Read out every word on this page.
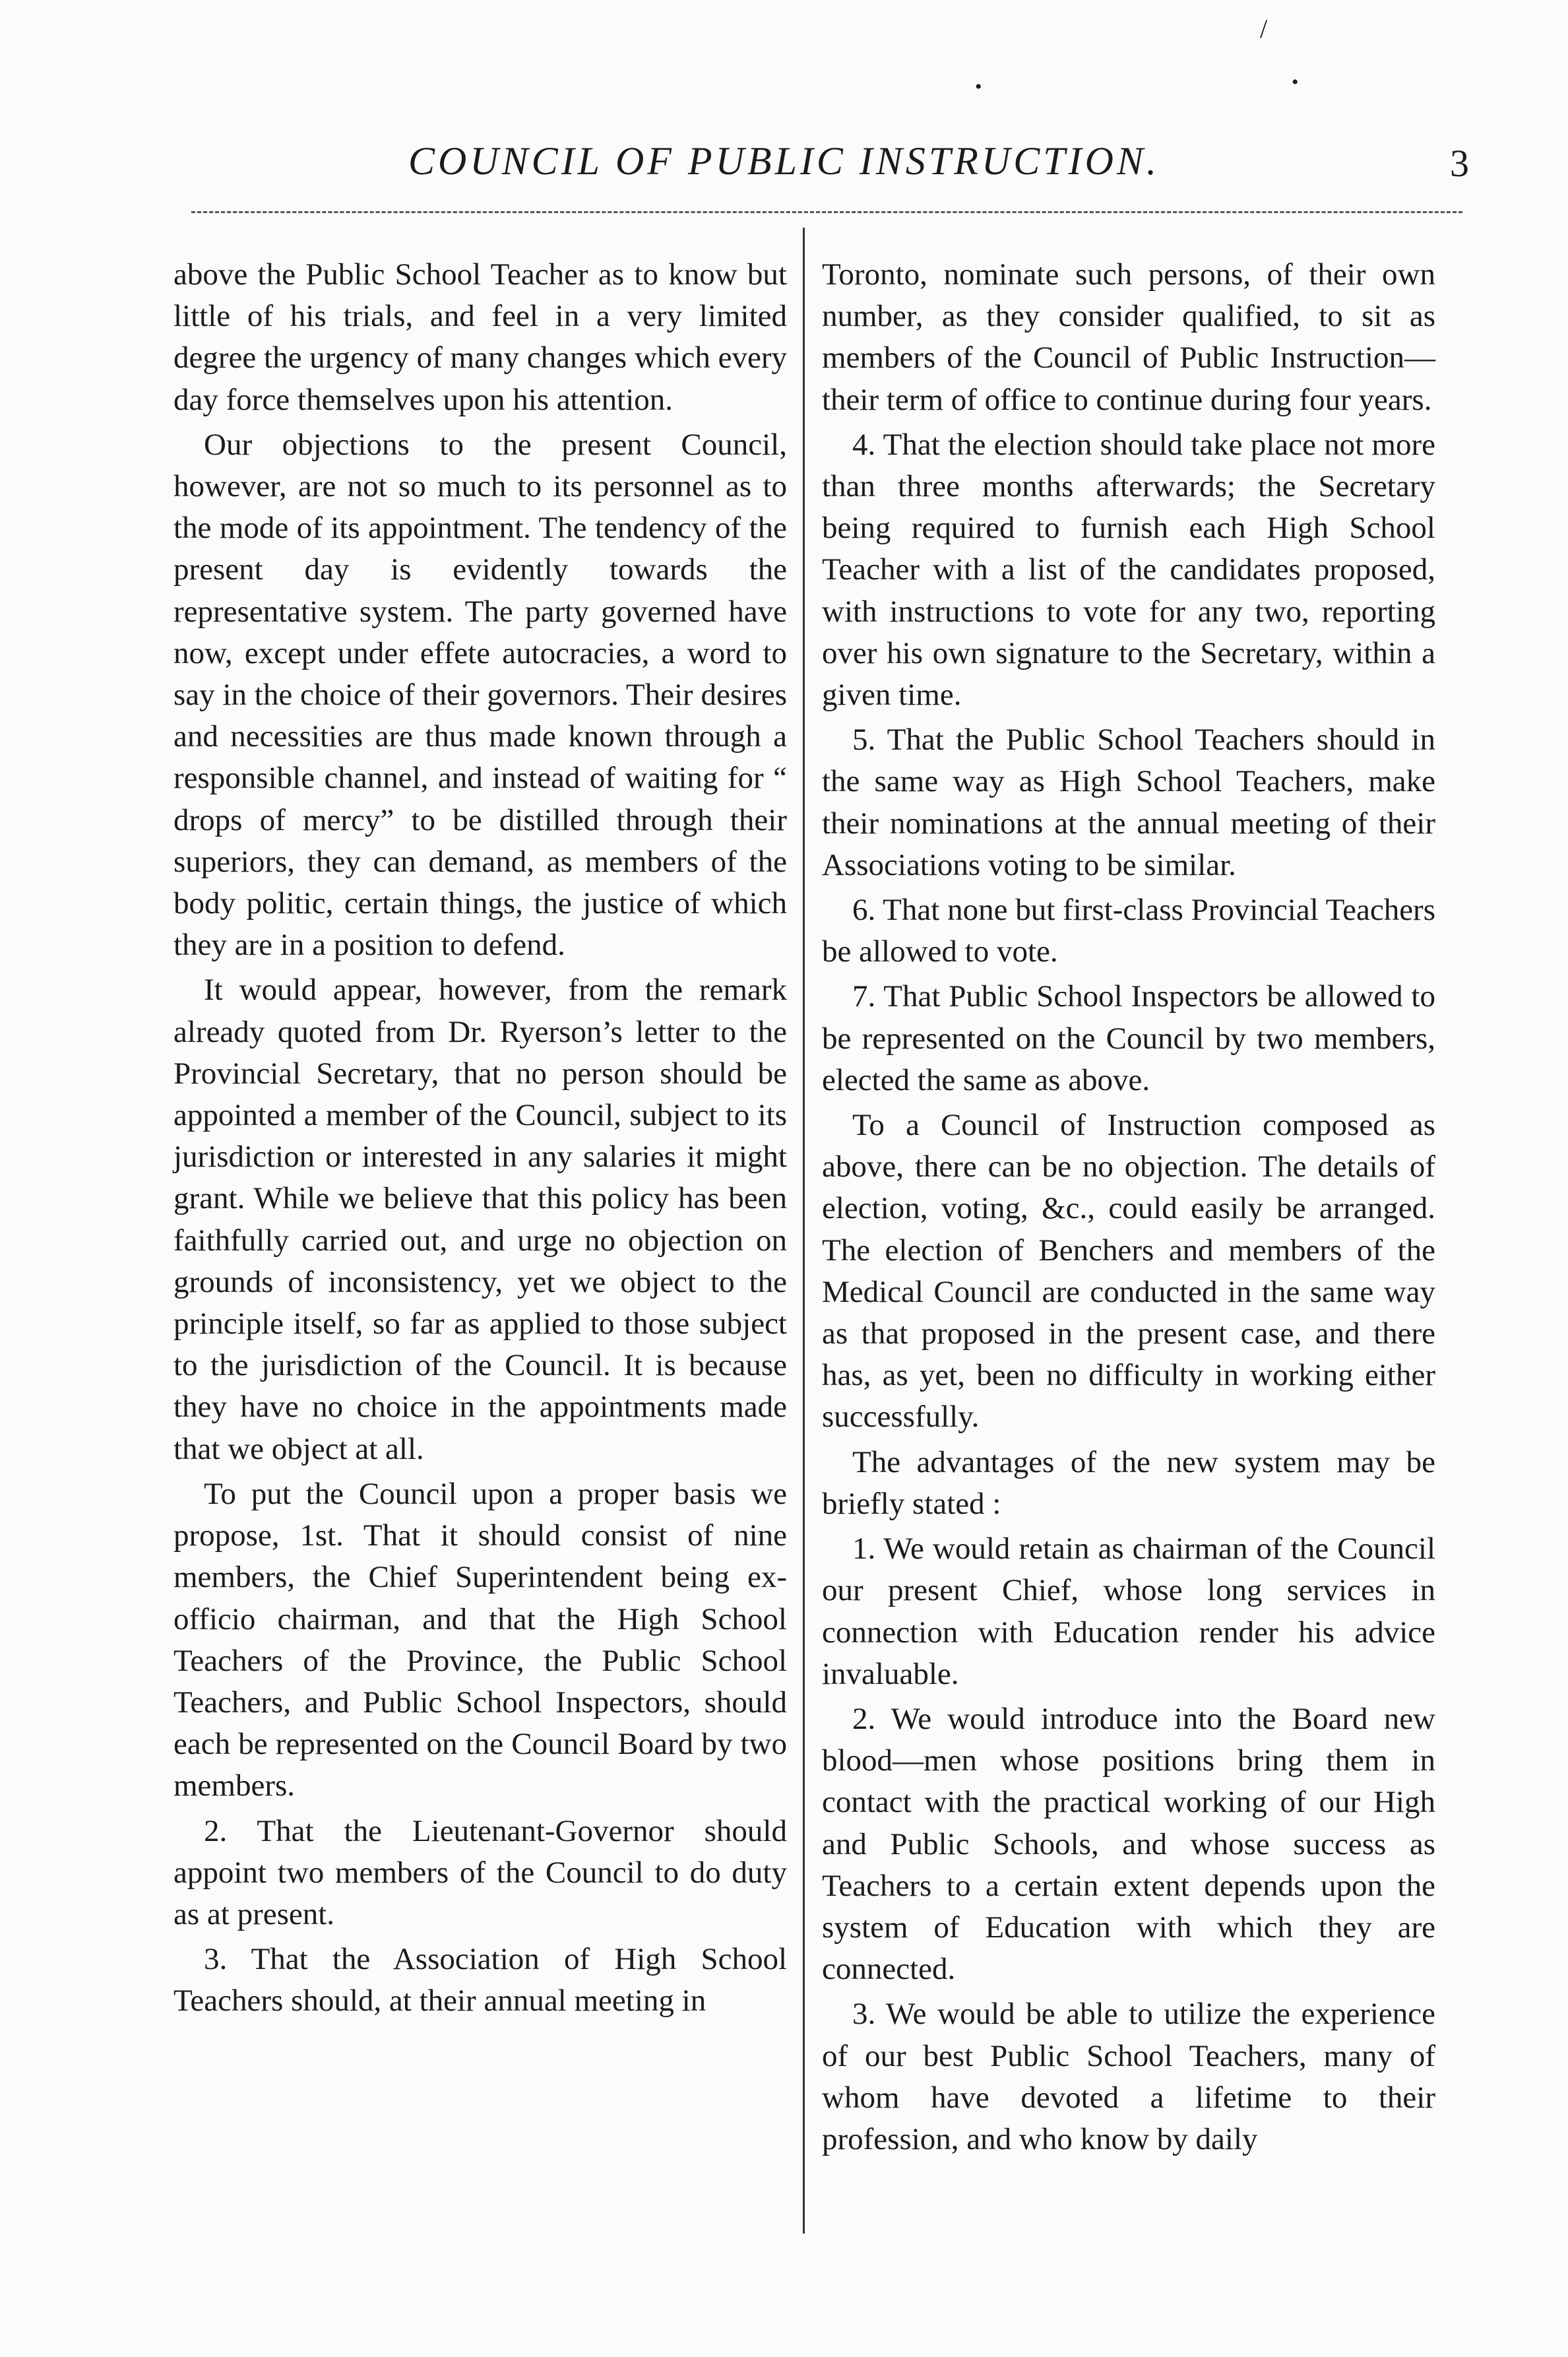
/
•	•
COUNCIL OF PUBLIC INSTRUCTION.	3

above the Public School Teacher as to know but little of his trials, and feel in a very limited degree the urgency of many changes which every day force themselves upon his attention.

Our objections to the present Council, however, are not so much to its personnel as to the mode of its appointment. The tendency of the present day is evidently towards the representative system. The party governed have now, except under effete autocracies, a word to say in the choice of their governors. Their desires and necessities are thus made known through a responsible channel, and instead of waiting for “ drops of mercy” to be distilled through their superiors, they can demand, as members of the body politic, certain things, the justice of which they are in a position to defend.

It would appear, however, from the remark already quoted from Dr. Ryerson’s letter to the Provincial Secretary, that no person should be appointed a member of the Council, subject to its jurisdiction or interested in any salaries it might grant. While we believe that this policy has been faithfully carried out, and urge no objection on grounds of inconsistency, yet we object to the principle itself, so far as applied to those subject to the jurisdiction of the Council. It is because they have no choice in the appointments made that we object at all.

To put the Council upon a proper basis we propose, 1st. That it should consist of nine members, the Chief Superintendent being ex-officio chairman, and that the High School Teachers of the Province, the Public School Teachers, and Public School Inspectors, should each be represented on the Council Board by two members.

2. That the Lieutenant-Governor should appoint two members of the Council to do duty as at present.

3. That the Association of High School Teachers should, at their annual meeting in

Toronto, nominate such persons, of their own number, as they consider qualified, to sit as members of the Council of Public Instruction—their term of office to continue during four years.

4. That the election should take place not more than three months afterwards; the Secretary being required to furnish each High School Teacher with a list of the candidates proposed, with instructions to vote for any two, reporting over his own signature to the Secretary, within a given time.

5. That the Public School Teachers should in the same way as High School Teachers, make their nominations at the annual meeting of their Associations voting to be similar.

6. That none but first-class Provincial Teachers be allowed to vote.

7. That Public School Inspectors be allowed to be represented on the Council by two members, elected the same as above.

To a Council of Instruction composed as above, there can be no objection. The details of election, voting, &c., could easily be arranged. The election of Benchers and members of the Medical Council are conducted in the same way as that proposed in the present case, and there has, as yet, been no difficulty in working either successfully.

The advantages of the new system may be briefly stated :

1. We would retain as chairman of the Council our present Chief, whose long services in connection with Education render his advice invaluable.

2. We would introduce into the Board new blood—men whose positions bring them in contact with the practical working of our High and Public Schools, and whose success as Teachers to a certain extent depends upon the system of Education with which they are connected.

3. We would be able to utilize the experience of our best Public School Teachers, many of whom have devoted a lifetime to their profession, and who know by daily
